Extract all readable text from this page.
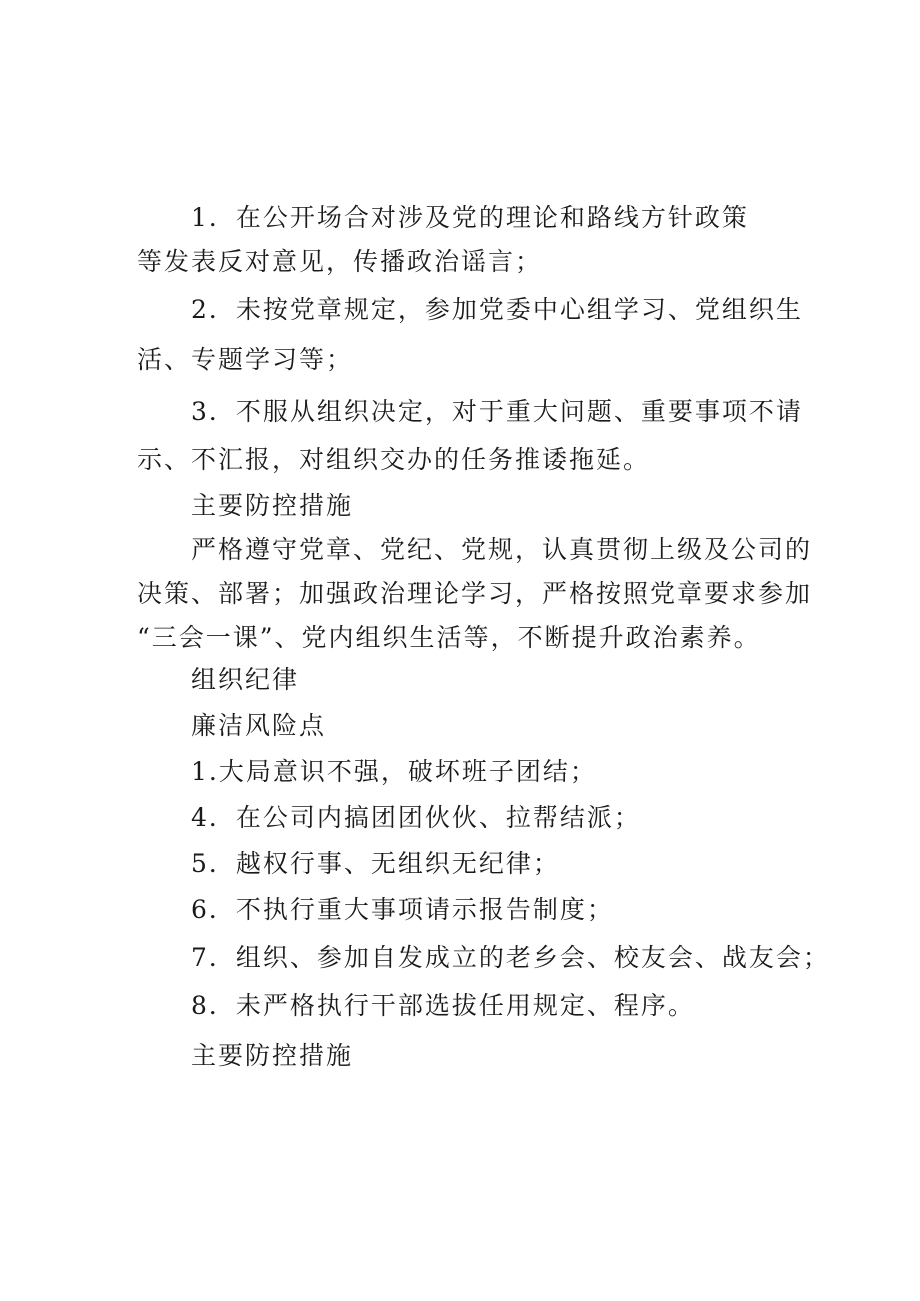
1．在公开场合对涉及党的理论和路线方针政策
等发表反对意见，传播政治谣言；
2．未按党章规定，参加党委中心组学习、党组织生
活、专题学习等；
3．不服从组织决定，对于重大问题、重要事项不请
示、不汇报，对组织交办的任务推诿拖延。
主要防控措施
严格遵守党章、党纪、党规，认真贯彻上级及公司的
决策、部署；加强政治理论学习，严格按照党章要求参加
“三会一课”、党内组织生活等，不断提升政治素养。
组织纪律
廉洁风险点
1.大局意识不强，破坏班子团结；
4．在公司内搞团团伙伙、拉帮结派；
5．越权行事、无组织无纪律；
6．不执行重大事项请示报告制度；
7．组织、参加自发成立的老乡会、校友会、战友会；
8．未严格执行干部选拔任用规定、程序。
主要防控措施
